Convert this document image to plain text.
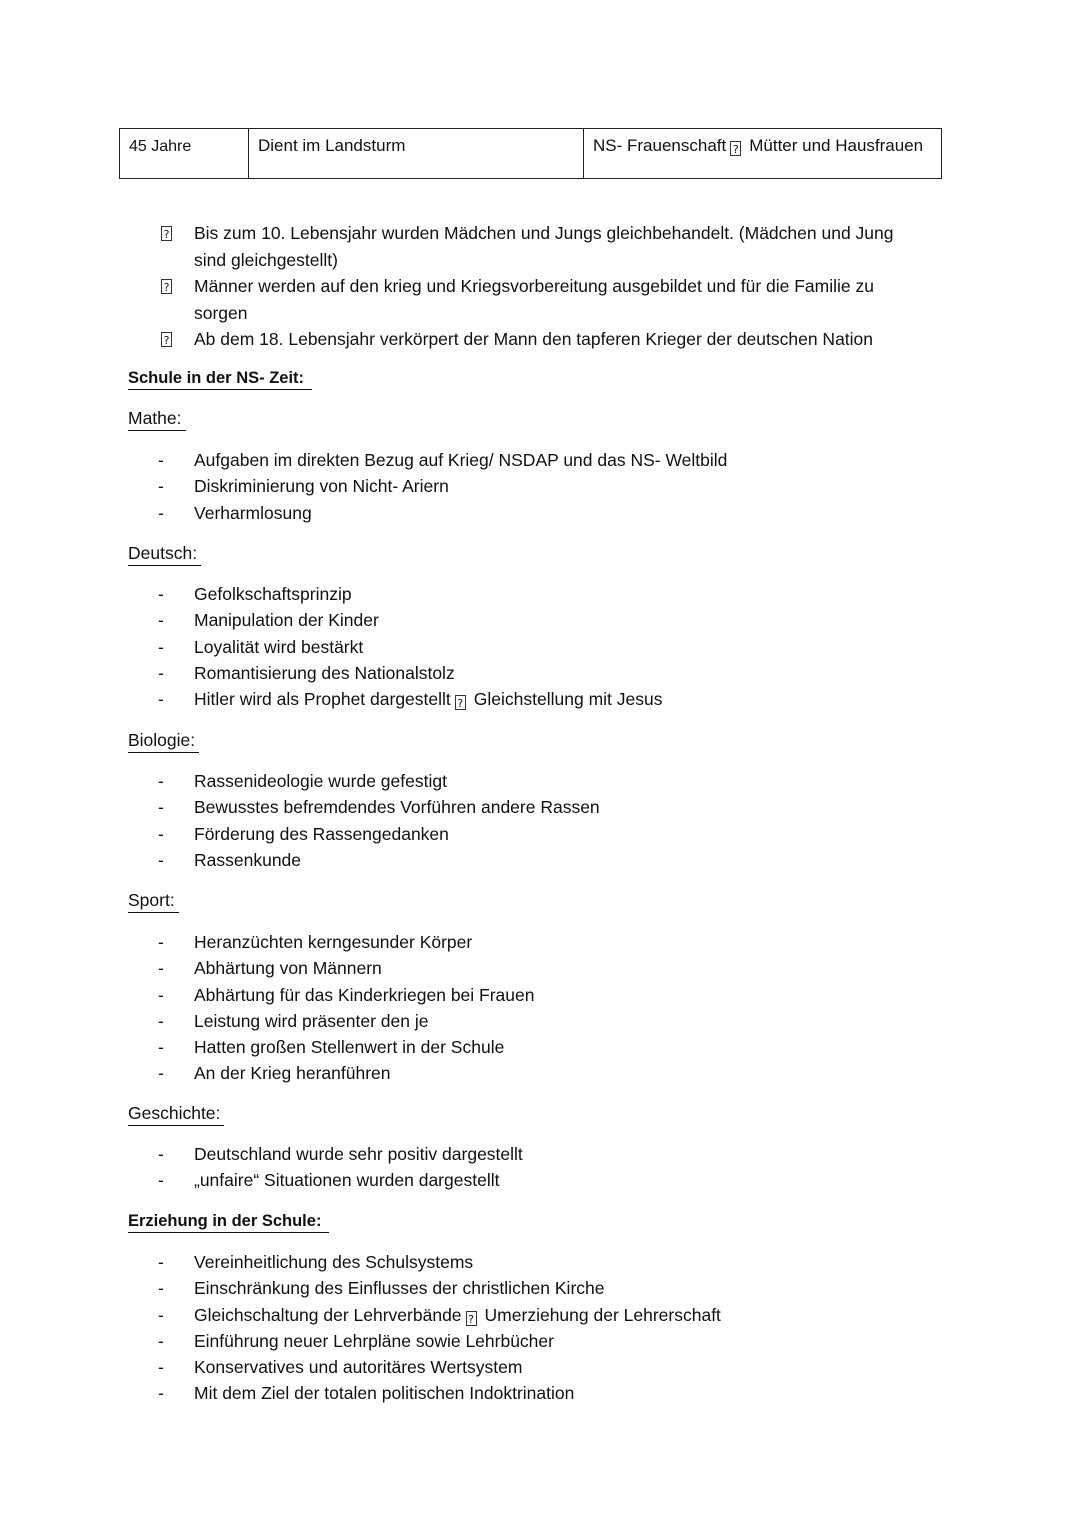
45 Jahre	Dient im Landsturm	NS- Frauenschaft ? Mütter und Hausfrauen
? Bis zum 10. Lebensjahr wurden Mädchen und Jungs gleichbehandelt. (Mädchen und Jung sind gleichgestellt)
? Männer werden auf den krieg und Kriegsvorbereitung ausgebildet und für die Familie zu sorgen
? Ab dem 18. Lebensjahr verkörpert der Mann den tapferen Krieger der deutschen Nation
Schule in der NS- Zeit:
Mathe:
- Aufgaben im direkten Bezug auf Krieg/ NSDAP und das NS- Weltbild
- Diskriminierung von Nicht- Ariern
- Verharmlosung
Deutsch:
- Gefolkschaftsprinzip
- Manipulation der Kinder
- Loyalität wird bestärkt
- Romantisierung des Nationalstolz
- Hitler wird als Prophet dargestellt ? Gleichstellung mit Jesus
Biologie:
- Rassenideologie wurde gefestigt
- Bewusstes befremdendes Vorführen andere Rassen
- Förderung des Rassengedanken
- Rassenkunde
Sport:
- Heranzüchten kerngesunder Körper
- Abhärtung von Männern
- Abhärtung für das Kinderkriegen bei Frauen
- Leistung wird präsenter den je
- Hatten großen Stellenwert in der Schule
- An der Krieg heranführen
Geschichte:
- Deutschland wurde sehr positiv dargestellt
- „unfaire“ Situationen wurden dargestellt
Erziehung in der Schule:
- Vereinheitlichung des Schulsystems
- Einschränkung des Einflusses der christlichen Kirche
- Gleichschaltung der Lehrverbände ? Umerziehung der Lehrerschaft
- Einführung neuer Lehrpläne sowie Lehrbücher
- Konservatives und autoritäres Wertsystem
- Mit dem Ziel der totalen politischen Indoktrination
